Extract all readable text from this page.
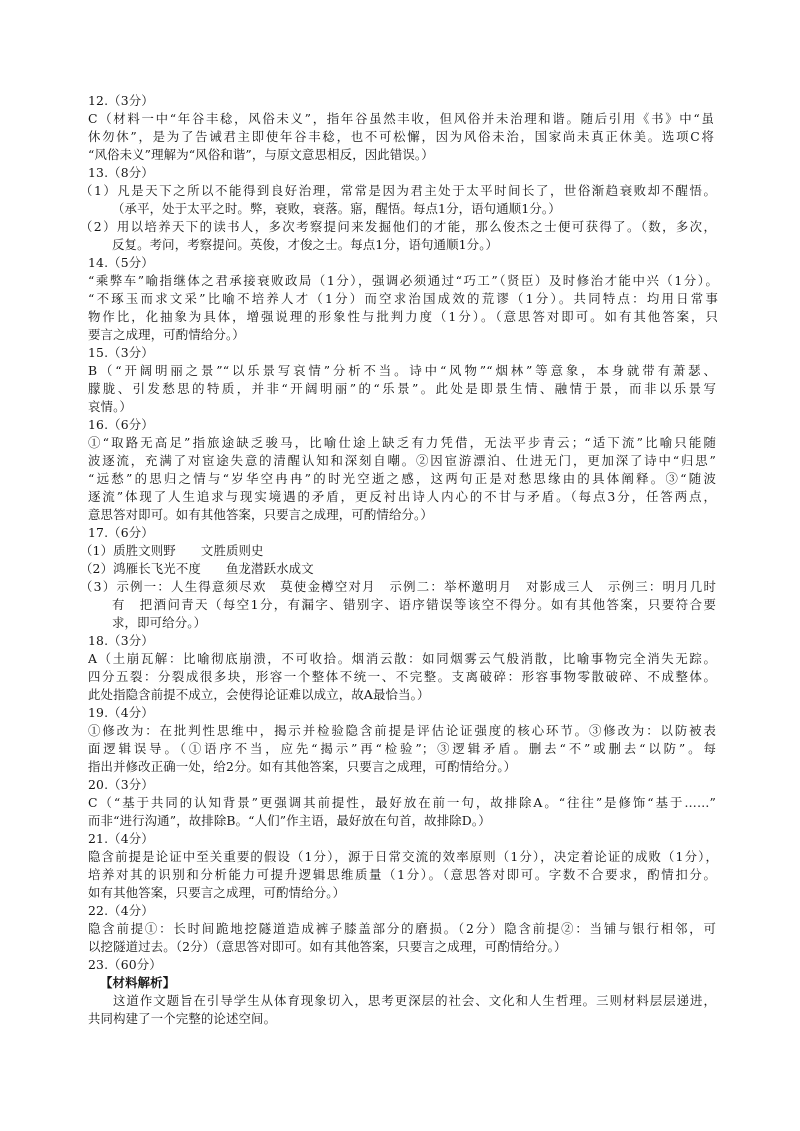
12.（3分）
C（材料一中“年谷丰稔，风俗未义”，指年谷虽然丰收，但风俗并未治理和谐。随后引用《书》中“虽
休勿休”，是为了告诫君主即使年谷丰稔，也不可松懈，因为风俗未治，国家尚未真正休美。选项C将
“风俗未义”理解为“风俗和谐”，与原文意思相反，因此错误。）
13.（8分）
（1）凡是天下之所以不能得到良好治理，常常是因为君主处于太平时间长了，世俗渐趋衰败却不醒悟。
（承平，处于太平之时。弊，衰败，衰落。寤，醒悟。每点1分，语句通顺1分。）
（2）用以培养天下的读书人，多次考察提问来发掘他们的才能，那么俊杰之士便可获得了。（数，多次，
反复。考问，考察提问。英俊，才俊之士。每点1分，语句通顺1分。）
14.（5分）
“乘弊车”喻指继体之君承接衰败政局（1分），强调必须通过“巧工”（贤臣）及时修治才能中兴（1分）。
“不琢玉而求文采”比喻不培养人才（1分）而空求治国成效的荒谬（1分）。共同特点：均用日常事
物作比，化抽象为具体，增强说理的形象性与批判力度（1分）。（意思答对即可。如有其他答案，只
要言之成理，可酌情给分。）
15.（3分）
B（“开阔明丽之景”“以乐景写哀情”分析不当。诗中“风物”“烟林”等意象，本身就带有萧瑟、
朦胧、引发愁思的特质，并非“开阔明丽”的“乐景”。此处是即景生情、融情于景，而非以乐景写
哀情。）
16.（6分）
①“取路无高足”指旅途缺乏骏马，比喻仕途上缺乏有力凭借，无法平步青云；“适下流”比喻只能随
波逐流，充满了对宦途失意的清醒认知和深刻自嘲。②因宦游漂泊、仕进无门，更加深了诗中“归思”
“远愁”的思归之情与“岁华空冉冉”的时光空逝之感，这两句正是对愁思缘由的具体阐释。③“随波
逐流”体现了人生追求与现实境遇的矛盾，更反衬出诗人内心的不甘与矛盾。（每点3分，任答两点，
意思答对即可。如有其他答案，只要言之成理，可酌情给分。）
17.（6分）
（1）质胜文则野　　文胜质则史
（2）鸿雁长飞光不度　　鱼龙潜跃水成文
（3）示例一：人生得意须尽欢　莫使金樽空对月　示例二：举杯邀明月　对影成三人　示例三：明月几时
有　把酒问青天（每空1分，有漏字、错别字、语序错误等该空不得分。如有其他答案，只要符合要
求，即可给分。）
18.（3分）
A（土崩瓦解：比喻彻底崩溃，不可收拾。烟消云散：如同烟雾云气般消散，比喻事物完全消失无踪。
四分五裂：分裂成很多块，形容一个整体不统一、不完整。支离破碎：形容事物零散破碎、不成整体。
此处指隐含前提不成立，会使得论证难以成立，故A最恰当。）
19.（4分）
①修改为：在批判性思维中，揭示并检验隐含前提是评估论证强度的核心环节。③修改为：以防被表
面逻辑误导。（①语序不当，应先“揭示”再“检验”；③逻辑矛盾。删去“不”或删去“以防”。每
指出并修改正确一处，给2分。如有其他答案，只要言之成理，可酌情给分。）
20.（3分）
C（“基于共同的认知背景”更强调其前提性，最好放在前一句，故排除A。“往往”是修饰“基于……”
而非“进行沟通”，故排除B。“人们”作主语，最好放在句首，故排除D。）
21.（4分）
隐含前提是论证中至关重要的假设（1分），源于日常交流的效率原则（1分），决定着论证的成败（1分），
培养对其的识别和分析能力可提升逻辑思维质量（1分）。（意思答对即可。字数不合要求，酌情扣分。
如有其他答案，只要言之成理，可酌情给分。）
22.（4分）
隐含前提①：长时间跪地挖隧道造成裤子膝盖部分的磨损。（2分）隐含前提②：当铺与银行相邻，可
以挖隧道过去。（2分）（意思答对即可。如有其他答案，只要言之成理，可酌情给分。）
23.（60分）
【材料解析】
这道作文题旨在引导学生从体育现象切入，思考更深层的社会、文化和人生哲理。三则材料层层递进，
共同构建了一个完整的论述空间。
